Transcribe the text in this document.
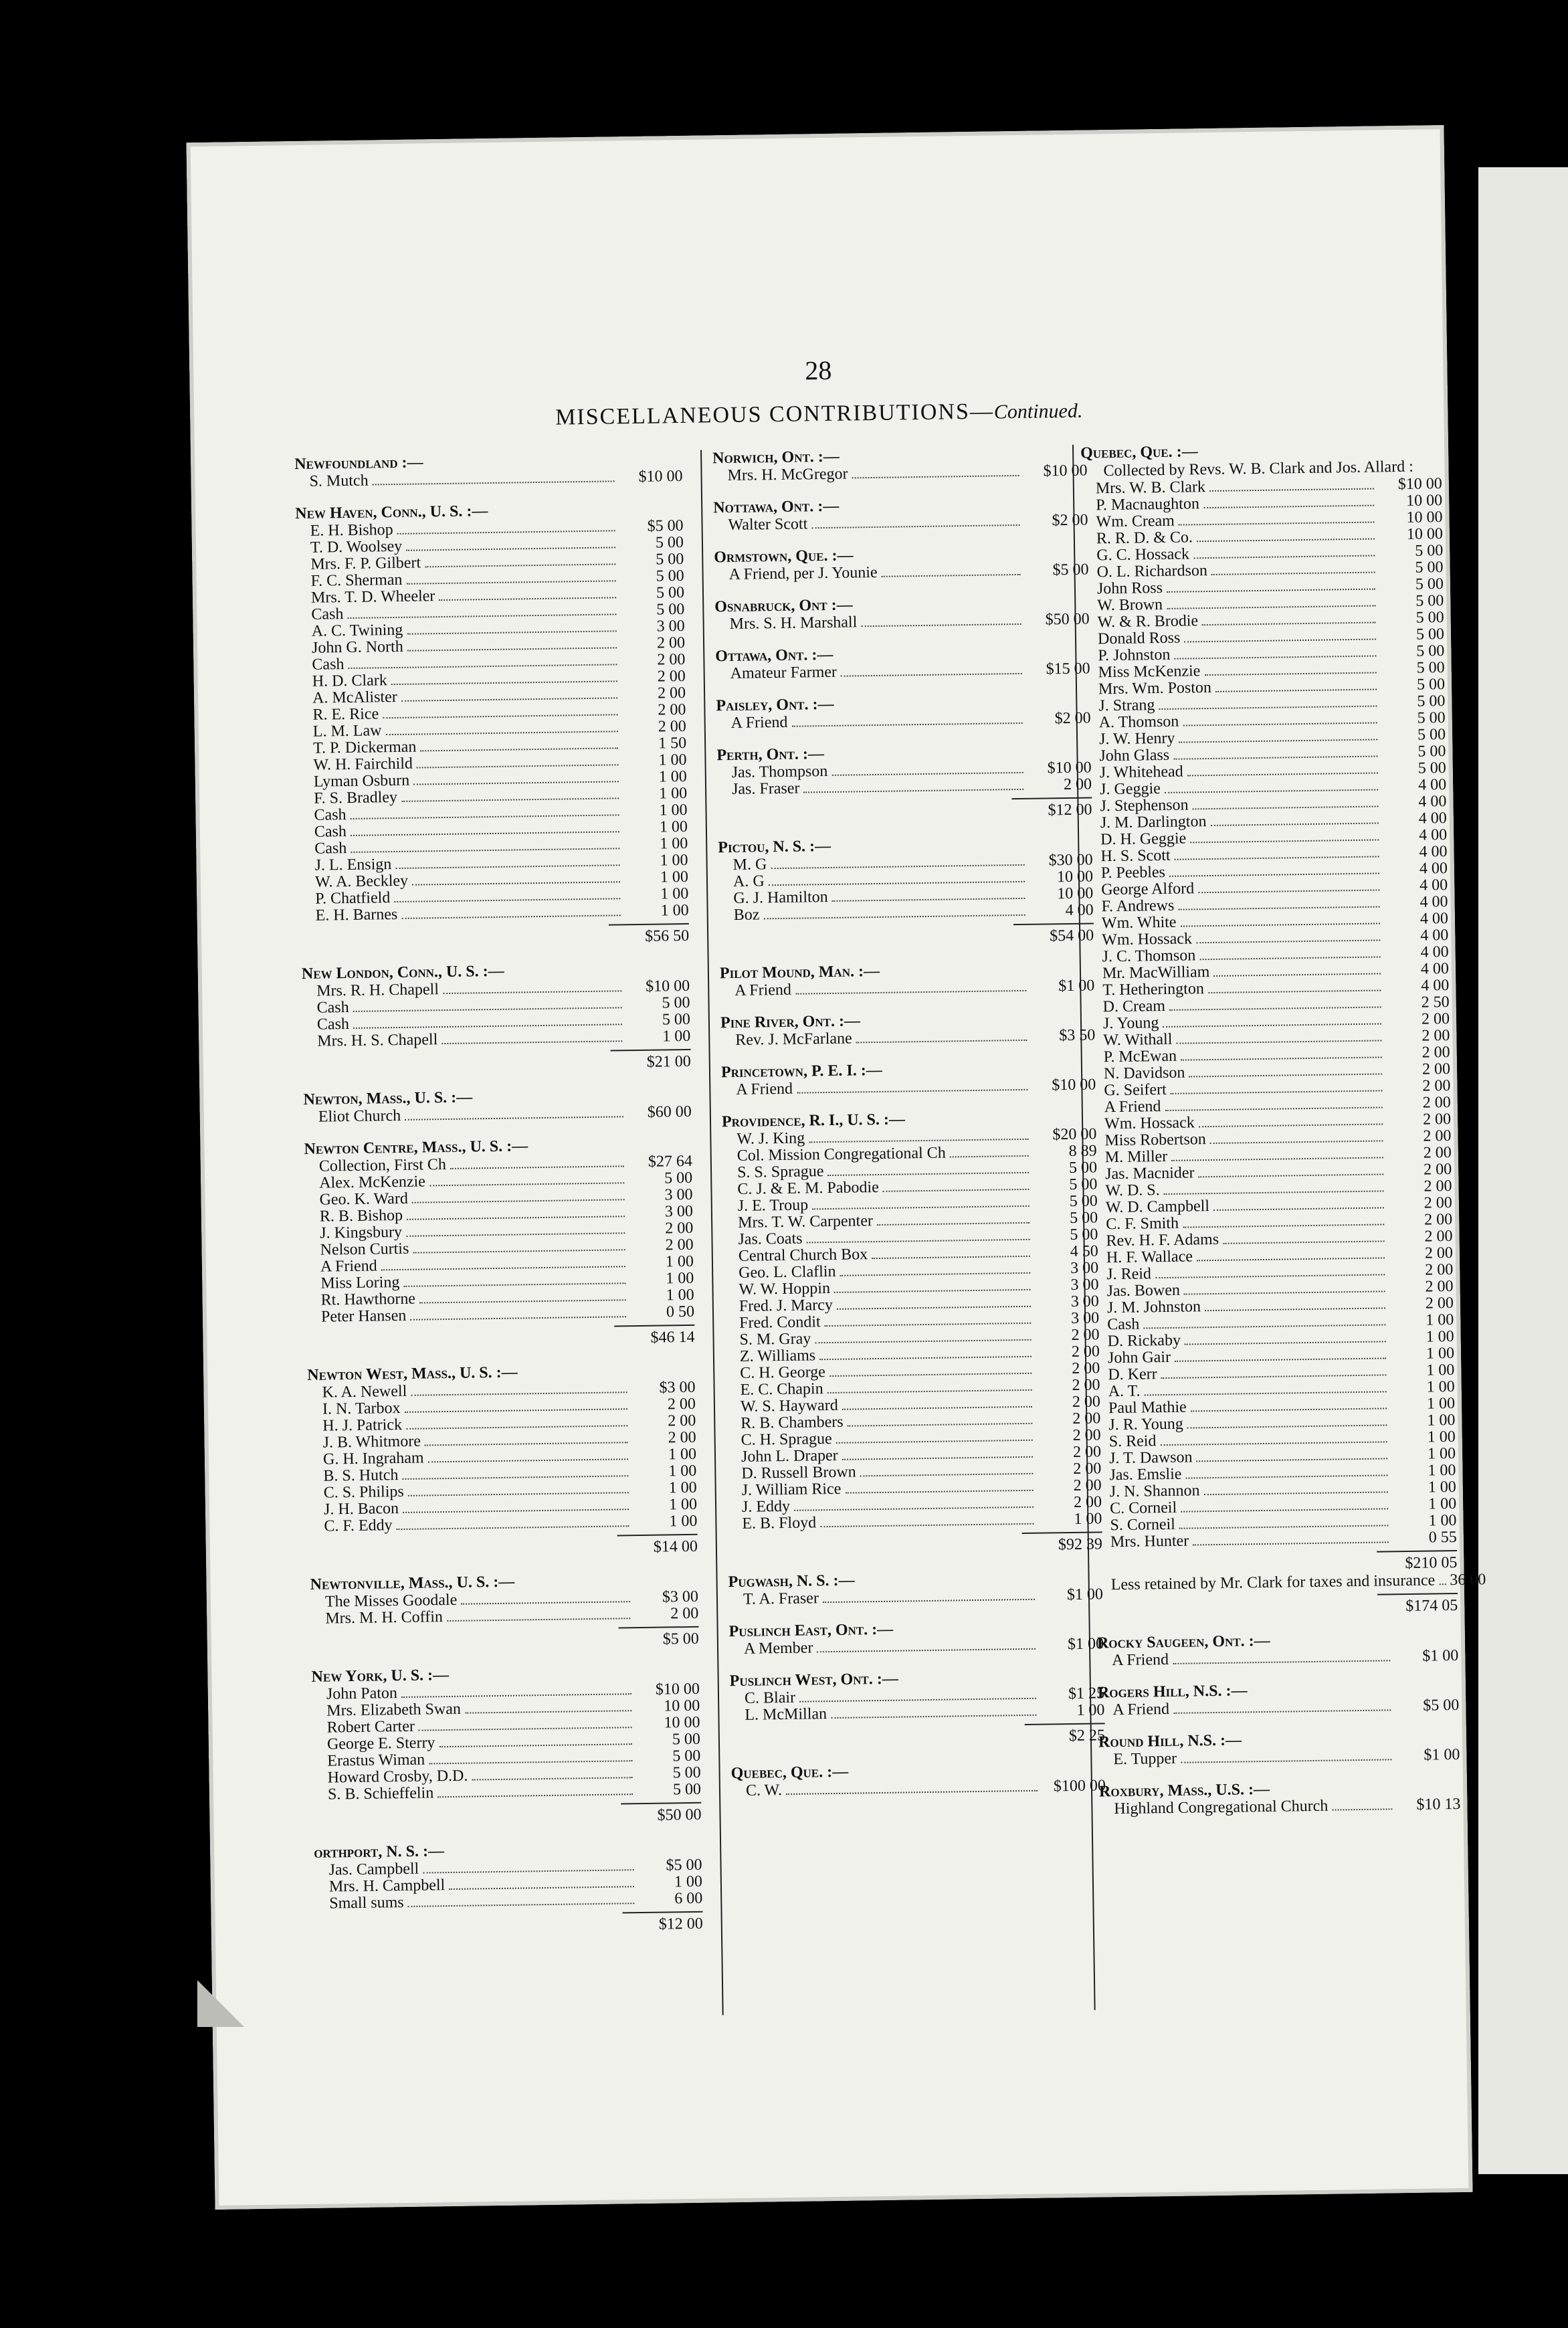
28
MISCELLANEOUS CONTRIBUTIONS—Continued.
Newfoundland :—
S. Mutch	$10 00
New Haven, Conn., U. S. :—
E. H. Bishop	$5 00
T. D. Woolsey	5 00
Mrs. F. P. Gilbert	5 00
F. C. Sherman	5 00
Mrs. T. D. Wheeler	5 00
Cash	5 00
A. C. Twining	3 00
John G. North	2 00
Cash	2 00
H. D. Clark	2 00
A. McAlister	2 00
R. E. Rice	2 00
L. M. Law	2 00
T. P. Dickerman	1 50
W. H. Fairchild	1 00
Lyman Osburn	1 00
F. S. Bradley	1 00
Cash	1 00
Cash	1 00
Cash	1 00
J. L. Ensign	1 00
W. A. Beckley	1 00
P. Chatfield	1 00
E. H. Barnes	1 00
$56 50
New London, Conn., U. S. :—
Mrs. R. H. Chapell	$10 00
Cash	5 00
Cash	5 00
Mrs. H. S. Chapell	1 00
$21 00
Newton, Mass., U. S. :—
Eliot Church	$60 00
Newton Centre, Mass., U. S. :—
Collection, First Ch	$27 64
Alex. McKenzie	5 00
Geo. K. Ward	3 00
R. B. Bishop	3 00
J. Kingsbury	2 00
Nelson Curtis	2 00
A Friend	1 00
Miss Loring	1 00
Rt. Hawthorne	1 00
Peter Hansen	0 50
$46 14
Newton West, Mass., U. S. :—
K. A. Newell	$3 00
I. N. Tarbox	2 00
H. J. Patrick	2 00
J. B. Whitmore	2 00
G. H. Ingraham	1 00
B. S. Hutch	1 00
C. S. Philips	1 00
J. H. Bacon	1 00
C. F. Eddy	1 00
$14 00
Newtonville, Mass., U. S. :—
The Misses Goodale	$3 00
Mrs. M. H. Coffin	2 00
$5 00
New York, U. S. :—
John Paton	$10 00
Mrs. Elizabeth Swan	10 00
Robert Carter	10 00
George E. Sterry	5 00
Erastus Wiman	5 00
Howard Crosby, D.D.	5 00
S. B. Schieffelin	5 00
$50 00
orthport, N. S. :—
Jas. Campbell	$5 00
Mrs. H. Campbell	1 00
Small sums	6 00
$12 00
Norwich, Ont. :—
Mrs. H. McGregor	$10 00
Nottawa, Ont. :—
Walter Scott	$2 00
Ormstown, Que. :—
A Friend, per J. Younie	$5 00
Osnabruck, Ont :—
Mrs. S. H. Marshall	$50 00
Ottawa, Ont. :—
Amateur Farmer	$15 00
Paisley, Ont. :—
A Friend	$2 00
Perth, Ont. :—
Jas. Thompson	$10 00
Jas. Fraser	2 00
$12 00
Pictou, N. S. :—
M. G	$30 00
A. G	10 00
G. J. Hamilton	10 00
Boz	4 00
$54 00
Pilot Mound, Man. :—
A Friend	$1 00
Pine River, Ont. :—
Rev. J. McFarlane	$3 50
Princetown, P. E. I. :—
A Friend	$10 00
Providence, R. I., U. S. :—
W. J. King	$20 00
Col. Mission Congregational Ch	8 89
S. S. Sprague	5 00
C. J. & E. M. Pabodie	5 00
J. E. Troup	5 00
Mrs. T. W. Carpenter	5 00
Jas. Coats	5 00
Central Church Box	4 50
Geo. L. Claflin	3 00
W. W. Hoppin	3 00
Fred. J. Marcy	3 00
Fred. Condit	3 00
S. M. Gray	2 00
Z. Williams	2 00
C. H. George	2 00
E. C. Chapin	2 00
W. S. Hayward	2 00
R. B. Chambers	2 00
C. H. Sprague	2 00
John L. Draper	2 00
D. Russell Brown	2 00
J. William Rice	2 00
J. Eddy	2 00
E. B. Floyd	1 00
$92 39
Pugwash, N. S. :—
T. A. Fraser	$1 00
Puslinch East, Ont. :—
A Member	$1 00
Puslinch West, Ont. :—
C. Blair	$1 25
L. McMillan	1 00
$2 25
Quebec, Que. :—
C. W.	$100 00
Quebec, Que. :—
Collected by Revs. W. B. Clark and Jos. Allard :
Mrs. W. B. Clark	$10 00
P. Macnaughton	10 00
Wm. Cream	10 00
R. R. D. & Co.	10 00
G. C. Hossack	5 00
O. L. Richardson	5 00
John Ross	5 00
W. Brown	5 00
W. & R. Brodie	5 00
Donald Ross	5 00
P. Johnston	5 00
Miss McKenzie	5 00
Mrs. Wm. Poston	5 00
J. Strang	5 00
A. Thomson	5 00
J. W. Henry	5 00
John Glass	5 00
J. Whitehead	5 00
J. Geggie	4 00
J. Stephenson	4 00
J. M. Darlington	4 00
D. H. Geggie	4 00
H. S. Scott	4 00
P. Peebles	4 00
George Alford	4 00
F. Andrews	4 00
Wm. White	4 00
Wm. Hossack	4 00
J. C. Thomson	4 00
Mr. MacWilliam	4 00
T. Hetherington	4 00
D. Cream	2 50
J. Young	2 00
W. Withall	2 00
P. McEwan	2 00
N. Davidson	2 00
G. Seifert	2 00
A Friend	2 00
Wm. Hossack	2 00
Miss Robertson	2 00
M. Miller	2 00
Jas. Macnider	2 00
W. D. S.	2 00
W. D. Campbell	2 00
C. F. Smith	2 00
Rev. H. F. Adams	2 00
H. F. Wallace	2 00
J. Reid	2 00
Jas. Bowen	2 00
J. M. Johnston	2 00
Cash	1 00
D. Rickaby	1 00
John Gair	1 00
D. Kerr	1 00
A. T.	1 00
Paul Mathie	1 00
J. R. Young	1 00
S. Reid	1 00
J. T. Dawson	1 00
Jas. Emslie	1 00
J. N. Shannon	1 00
C. Corneil	1 00
S. Corneil	1 00
Mrs. Hunter	0 55
$210 05
Less retained by Mr. Clark for taxes and insurance 36 00
$174 05
Rocky Saugeen, Ont. :—
A Friend	$1 00
Rogers Hill, N.S. :—
A Friend	$5 00
Round Hill, N.S. :—
E. Tupper	$1 00
Roxbury, Mass., U.S. :—
Highland Congregational Church	$10 13
